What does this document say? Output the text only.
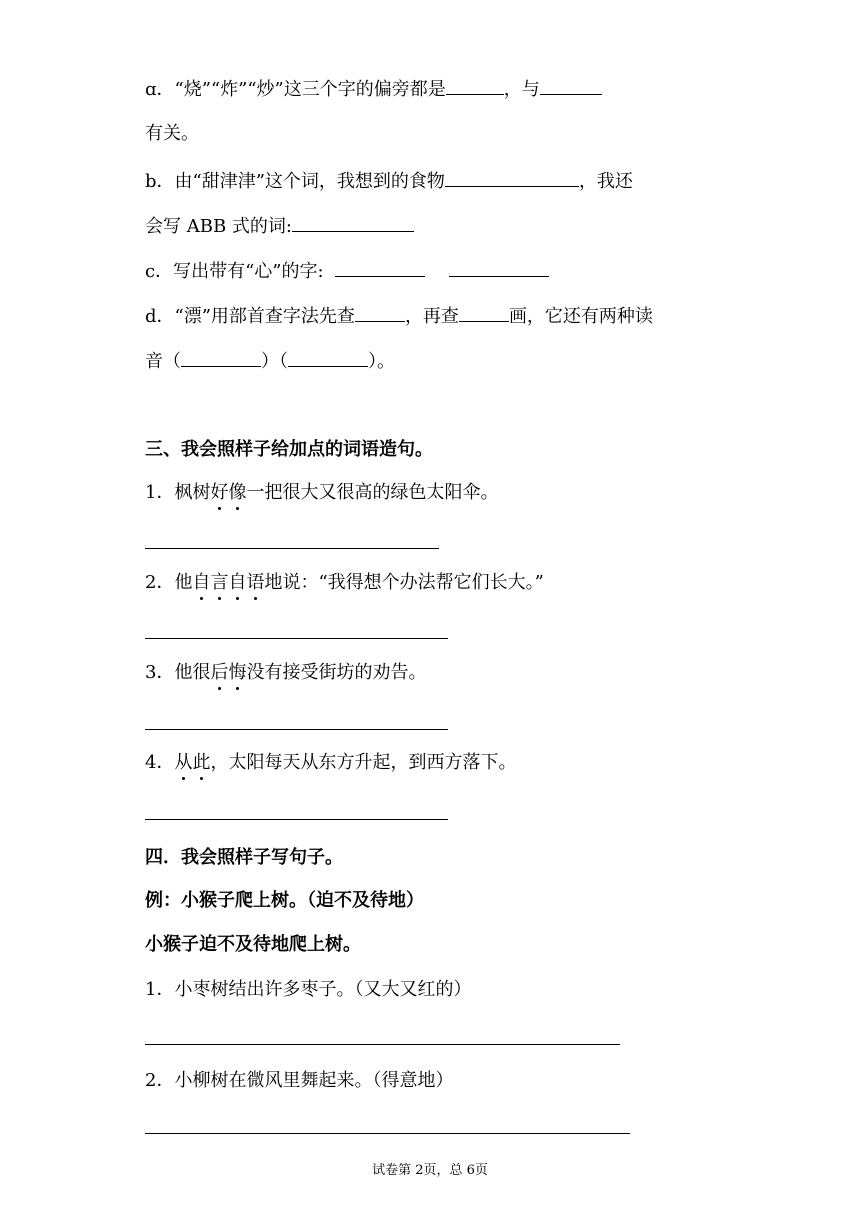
ɑ．“烧”“炸”“炒”这三个字的偏旁都是	，与
有关。
b．由“甜津津”这个词，我想到的食物	，我还
会写 ABB 式的词:
c．写出带有“心”的字:
d．“漂”用部首查字法先查	，再查	画，它还有两种读
音（	）（	）。
三、我会照样子给加点的词语造句。
1．枫树好像一把很大又很高的绿色太阳伞。
2．他自言自语地说：“我得想个办法帮它们长大。”
3．他很后悔没有接受街坊的劝告。
4．从此，太阳每天从东方升起，到西方落下。
四．我会照样子写句子。
例：小猴子爬上树。（迫不及待地）
小猴子迫不及待地爬上树。
1．小枣树结出许多枣子。（又大又红的）
2．小柳树在微风里舞起来。（得意地）
试卷第 2页，总 6页
